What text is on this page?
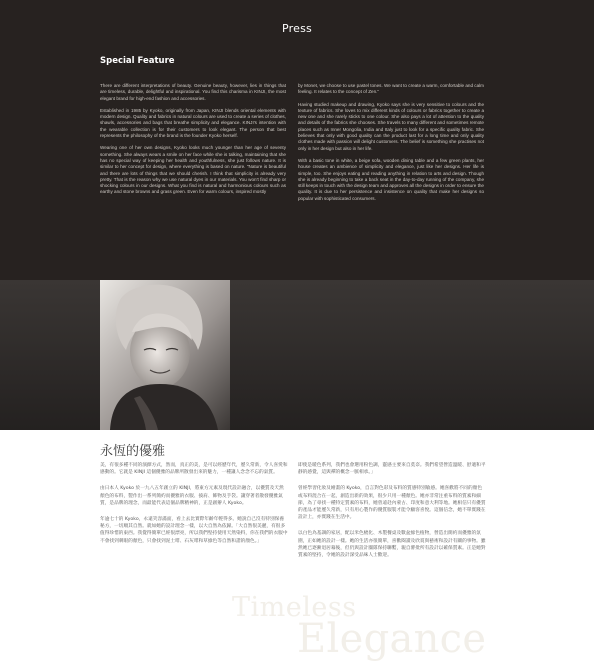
Press
Special Feature

There are different interpretations of beauty. Genuine beauty, however, lies in things that are timeless, durable, delightful and inspirational. You find this charisma in KINJI, the most elegant brand for high-end fashion and accessories.

Established in 1985 by Kyoko, originally from Japan, KINJI blends oriental elements with modern design. Quality and fabrics in natural colours are used to create a series of clothes, shawls, accessories and bags that breathe simplicity and elegance. KINJI's intention with the wearable collection is for their customers to look elegant. The person that best represents the philosophy of the brand is the founder Kyoko herself.

Wearing one of her own designs, Kyoko looks much younger than her age of seventy something. She always wears a smile on her face while she is talking, maintaining that she has no special way of keeping her health and youthfulness, she just follows nature. It is similar to her concept for design, where everything is based on nature. "Nature is beautiful and there are lots of things that we should cherish. I think that simplicity is already very pretty. That is the reason why we use natural dyes in our materials. You won't find sharp or shocking colours in our designs. What you find is natural and harmonious colours such as earthy and stone browns and grass green. Even for warm colours, inspired mostly

by Monet, we choose to use pastel tones. We want to create a warm, comfortable and calm feeling. It relates to the concept of Zen."

Having studied makeup and drawing, Kyoko says she is very sensitive to colours and the texture of fabrics. She loves to mix different kinds of colours or fabrics together to create a new one and she rarely sticks to one colour. She also pays a lot of attention to the quality and details of the fabrics she chooses. She travels to many different and sometimes remote places such as Inner Mongolia, India and Italy just to look for a specific quality fabric. She believes that only with good quality can the product last for a long time and only quality clothes made with passion will delight customers. The belief is something she practises not only in her design but also in her life.

With a basic tone in white, a beige sofa, wooden dining table and a few green plants, her house creates an ambience of simplicity and elegance, just like her designs. Her life is simple, too. She enjoys eating and reading anything in relation to arts and design. Though she is already beginning to take a back seat in the day-to-day running of the company, she still keeps in touch with the design team and approves all the designs in order to ensure the quality. It is due to her persistence and insistence on quality that make her designs so popular with sophisticated consumers.

Timeless
Elegance
永恆的優雅

美，有很多種不同的演繹方式，然而，真正的美，是可以經歷年代，歷久常新，令人喜愛和感動的。它就是 KINJI 這個優雅的品牌所散發出來的魅力，一種讓人念念不忘的氣質。

由日本人 Kyoko 於一九八五年創立的 KINJI，將東方元素及現代設計融合，以優質及天然顏色的布料，製作出一系列簡約而優雅的衣服、披肩、飾物及手袋。讓穿著者散發優雅氣質，是品牌的理念，而最能代表這個品牌精神的，正是創辦人 Kyoko。

年逾七十的 Kyoko，永遠笑容滿面，看上去比實際年齡年輕得多。她說自己沒有特別保養秘方，一切順其自然。就如她的設計理念一樣，以大自然為依歸。「大自然很美麗，有很多值得珍惜的東西。我覺得簡單已經很漂亮，所以我們堅持使用天然染料，你在我們的衣服中不會找到刺眼的顏色，只會找到泥土啡、石灰啡和草綠色等自然和諧的顏色。」

即使是暖色系列，我們也會選用粉色調，靈感主要來自莫奈。我們希望營造溫暖、舒適和平靜的感覺，這與禪的概念一脈相承。」

曾經學習化妝及繪畫的 Kyoko，自言對色彩及布料的質感特別敏感。她喜歡將不同的顏色或布料混合在一起，創造出新的效果，很少只用一種顏色。她亦非常注重布料的質素和細節，為了尋找一種特定質素的布料，她曾遠赴內蒙古、印度和意大利等地。她相信只有優質的產品才能歷久常新，只有用心製作的優質服裝才能令顧客喜悅。這個信念，她不單實踐在設計上，亦實踐在生活中。

以白色為基調的家居，配以米色梳化、木製餐桌及數盆綠色植物，營造出簡約而優雅的氛圍，正如她的設計一樣。她的生活亦很簡單，喜歡閱讀及欣賞與藝術和設計有關的事物。雖然她已逐漸退居幕後，但仍與設計團隊保持聯繫，親自審批所有設計以確保質素。正是她對質素的堅持，令她的設計深受品味人士歡迎。
